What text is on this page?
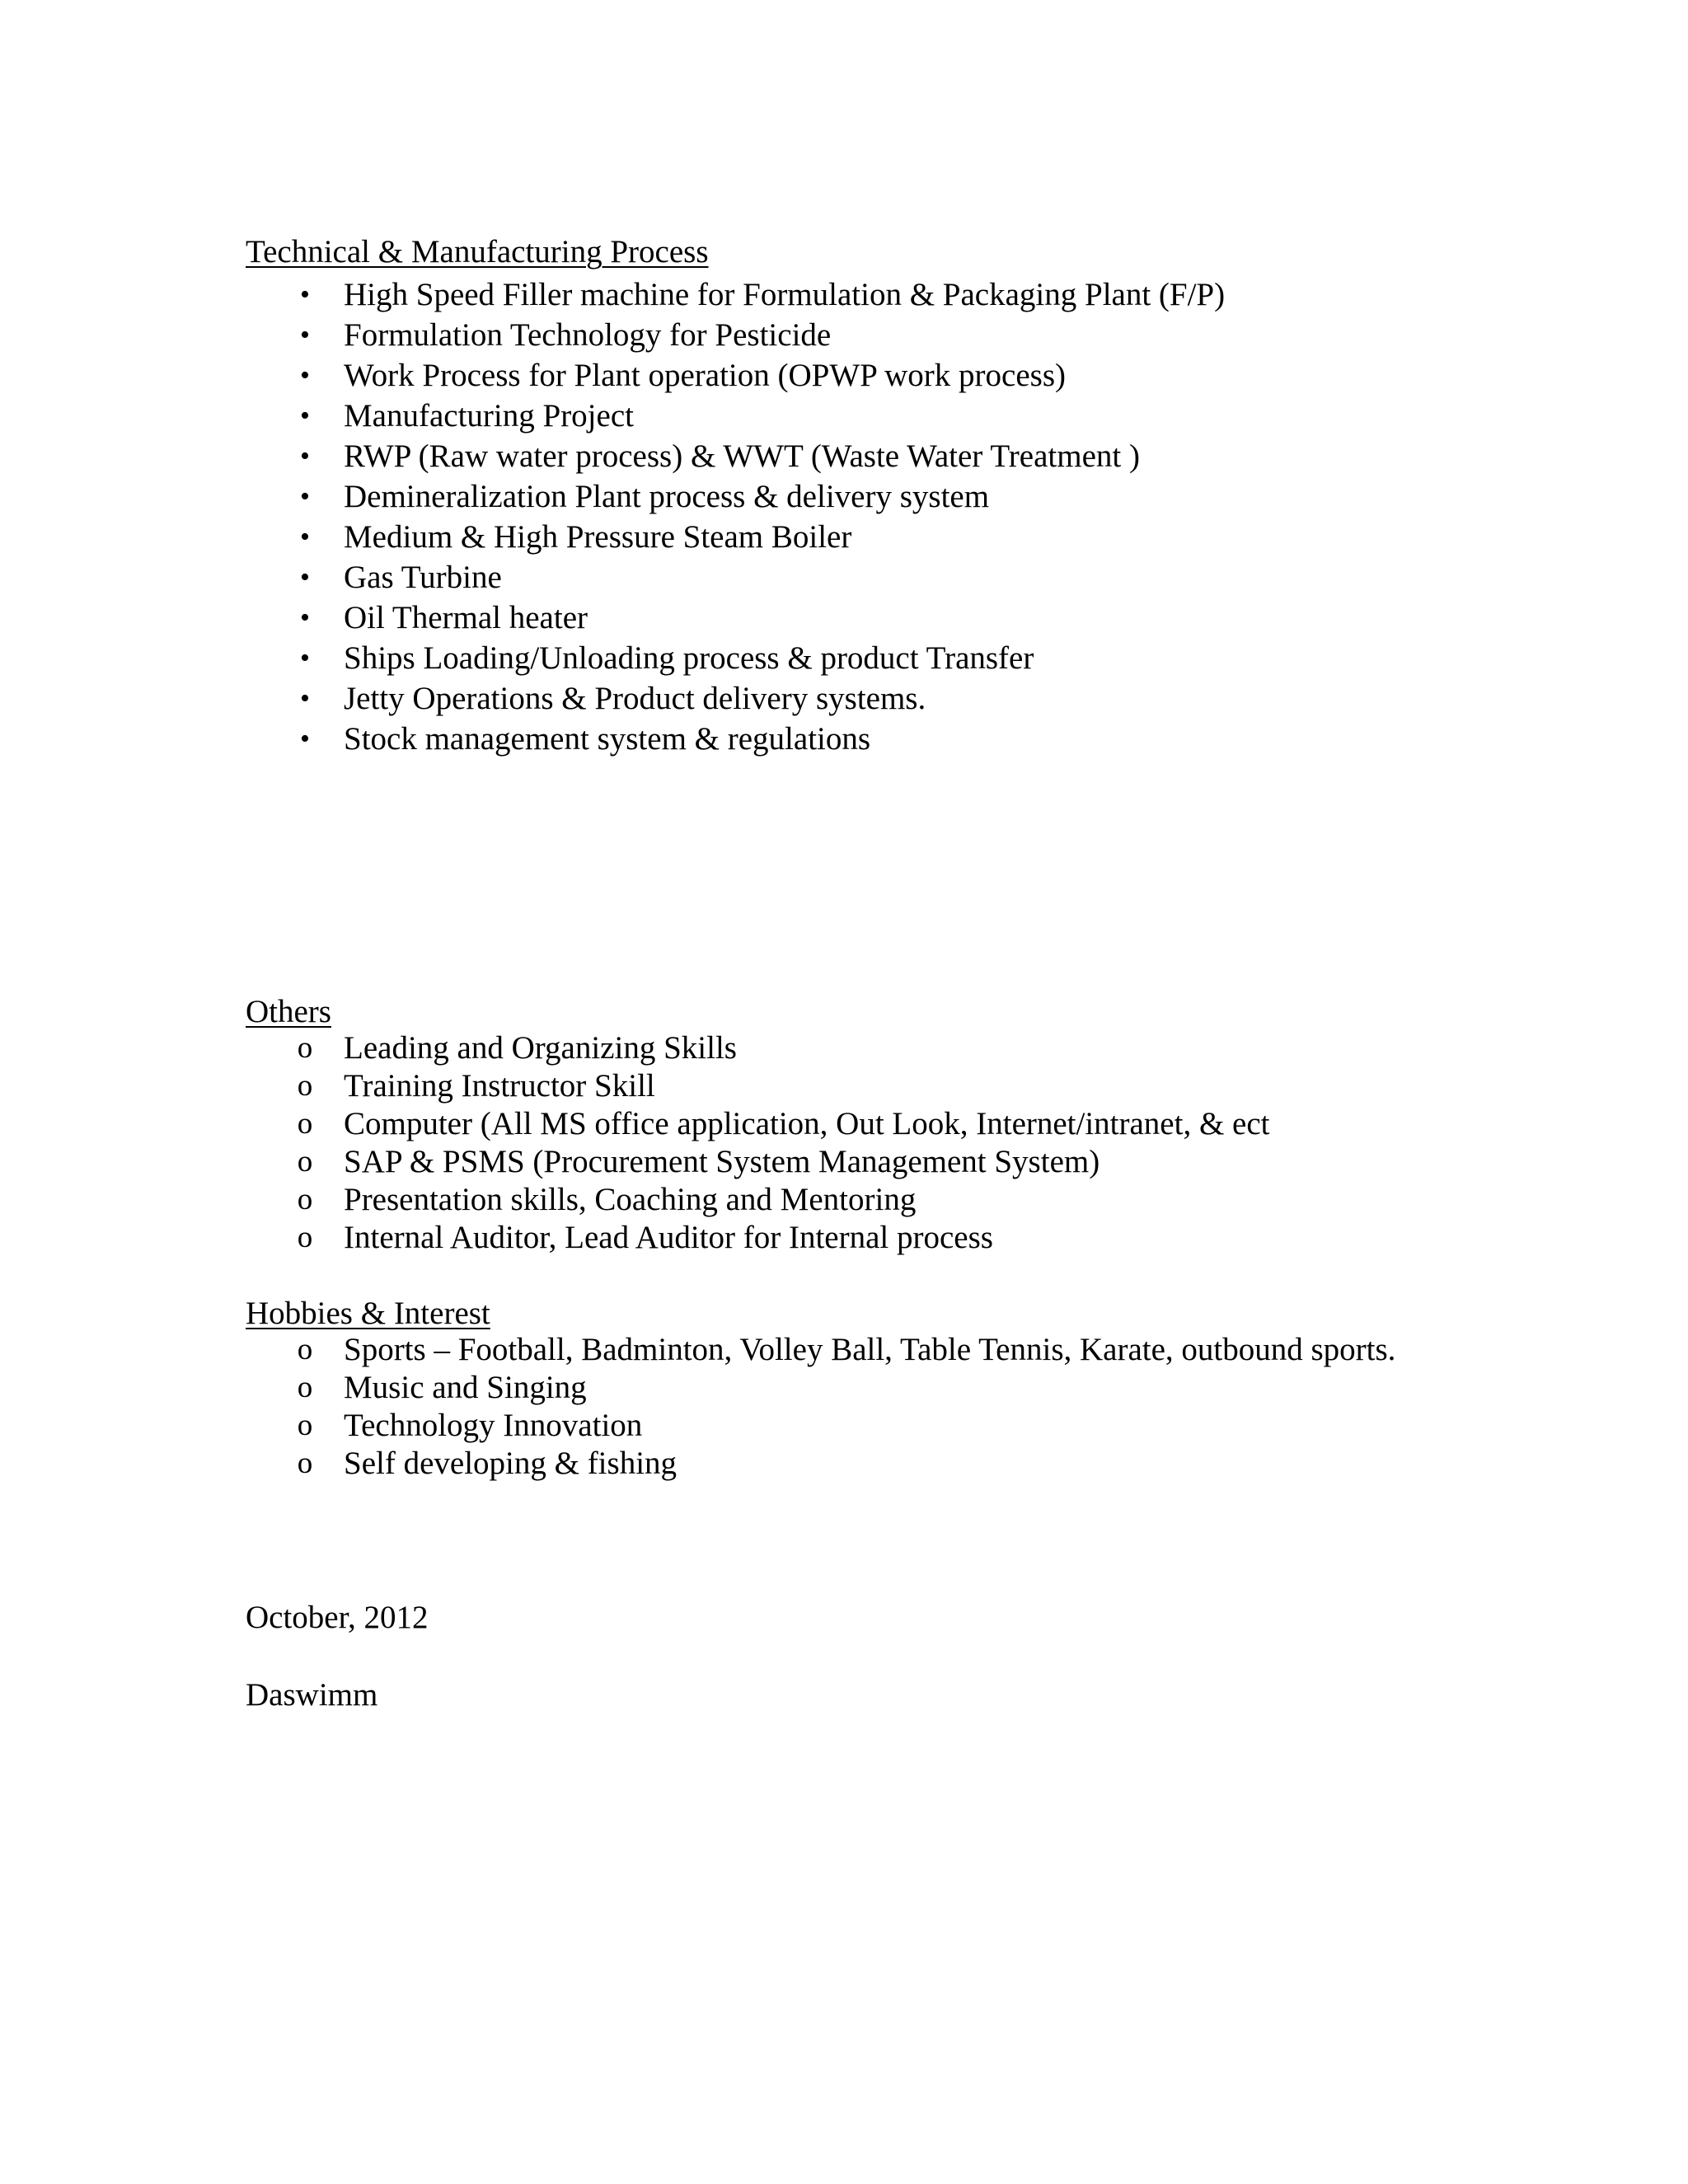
Technical & Manufacturing Process
• High Speed Filler machine for Formulation & Packaging Plant (F/P)
• Formulation Technology for Pesticide
• Work Process for Plant operation (OPWP work process)
• Manufacturing Project
• RWP (Raw water process) & WWT (Waste Water Treatment )
• Demineralization Plant process & delivery system
• Medium & High Pressure Steam Boiler
• Gas Turbine
• Oil Thermal heater
• Ships Loading/Unloading process & product Transfer
• Jetty Operations & Product delivery systems.
• Stock management system & regulations
Others
o Leading and Organizing Skills
o Training Instructor Skill
o Computer (All MS office application, Out Look, Internet/intranet, & ect
o SAP & PSMS (Procurement System Management System)
o Presentation skills, Coaching and Mentoring
o Internal Auditor, Lead Auditor for Internal process
Hobbies & Interest
o Sports – Football, Badminton, Volley Ball, Table Tennis, Karate, outbound sports.
o Music and Singing
o Technology Innovation
o Self developing & fishing
October, 2012
Daswimm
